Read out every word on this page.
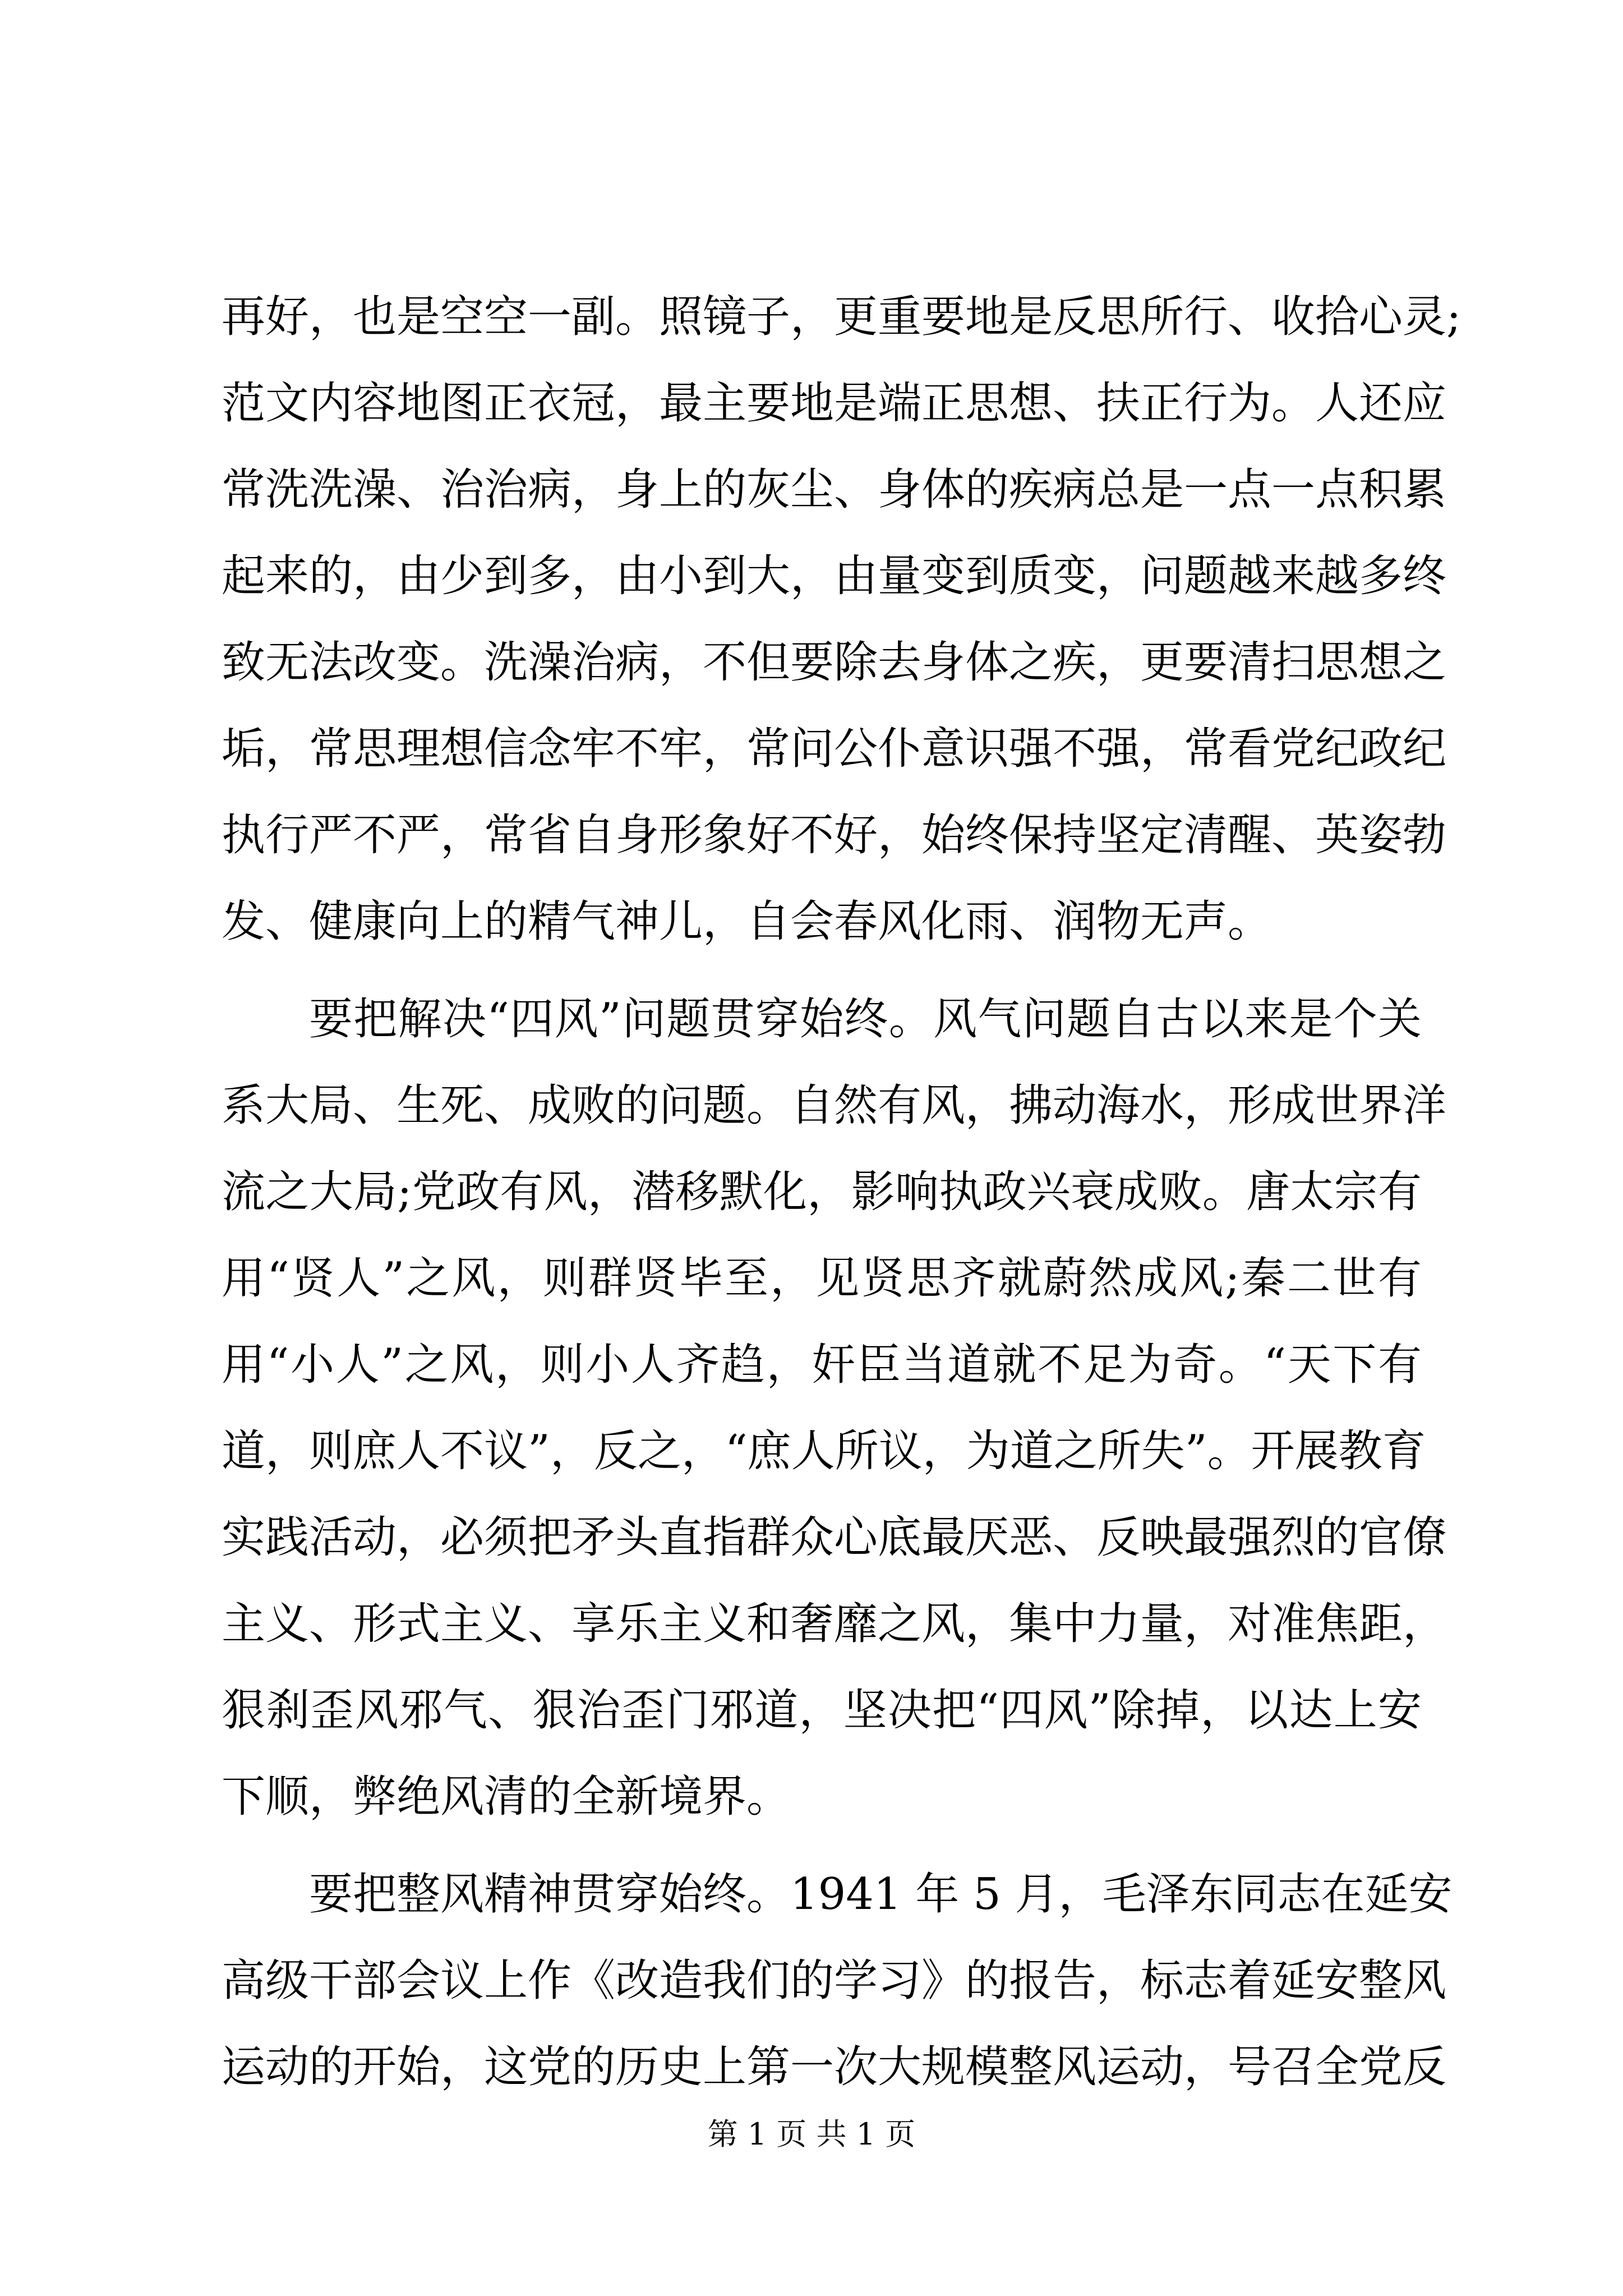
再好，也是空空一副。照镜子，更重要地是反思所行、收拾心灵;
范文内容地图正衣冠，最主要地是端正思想、扶正行为。人还应
常洗洗澡、治治病，身上的灰尘、身体的疾病总是一点一点积累
起来的，由少到多，由小到大，由量变到质变，问题越来越多终
致无法改变。洗澡治病，不但要除去身体之疾，更要清扫思想之
垢，常思理想信念牢不牢，常问公仆意识强不强，常看党纪政纪
执行严不严，常省自身形象好不好，始终保持坚定清醒、英姿勃
发、健康向上的精气神儿，自会春风化雨、润物无声。

要把解决“四风”问题贯穿始终。风气问题自古以来是个关
系大局、生死、成败的问题。自然有风，拂动海水，形成世界洋
流之大局;党政有风，潜移默化，影响执政兴衰成败。唐太宗有
用“贤人”之风，则群贤毕至，见贤思齐就蔚然成风;秦二世有
用“小人”之风，则小人齐趋，奸臣当道就不足为奇。“天下有
道，则庶人不议”，反之，“庶人所议，为道之所失”。开展教育
实践活动，必须把矛头直指群众心底最厌恶、反映最强烈的官僚
主义、形式主义、享乐主义和奢靡之风，集中力量，对准焦距，
狠刹歪风邪气、狠治歪门邪道，坚决把“四风”除掉，以达上安
下顺，弊绝风清的全新境界。

要把整风精神贯穿始终。1941 年 5 月，毛泽东同志在延安
高级干部会议上作《改造我们的学习》的报告，标志着延安整风
运动的开始，这党的历史上第一次大规模整风运动，号召全党反

第 1 页 共 1 页
